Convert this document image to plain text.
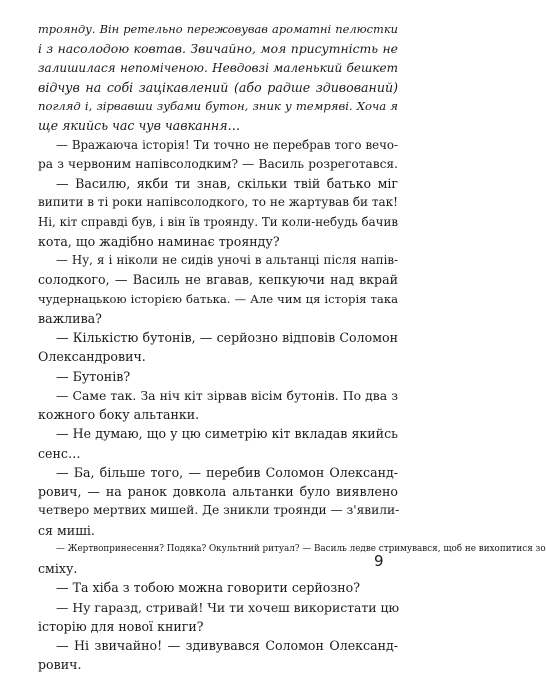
троянду. Він ретельно пережовував ароматні пелюстки
і з насолодою ковтав. Звичайно, моя присутність не
залишилася непоміченою. Невдовзі маленький бешкет
відчув на собі зацікавлений (або радше здивований)
погляд і, зірвавши зубами бутон, зник у темряві. Хоча я
ще якийсь час чув чавкання…
— Вражаюча історія! Ти точно не перебрав того вечо-
ра з червоним напівсолодким? — Василь розреготався.
— Василю, якби ти знав, скільки твій батько міг
випити в ті роки напівсолодкого, то не жартував би так!
Ні, кіт справді був, і він їв троянду. Ти коли-небудь бачив
кота, що жадібно наминає троянду?
— Ну, я і ніколи не сидів уночі в альтанці після напів-
солодкого, — Василь не вгавав, кепкуючи над вкрай
чудернацькою історією батька. — Але чим ця історія така
важлива?
— Кількістю бутонів, — серйозно відповів Соломон
Олександрович.
— Бутонів?
— Саме так. За ніч кіт зірвав вісім бутонів. По два з
кожного боку альтанки.
— Не думаю, що у цю симетрію кіт вкладав якийсь
сенс…
— Ба, більше того, — перебив Соломон Олександ-
рович, — на ранок довкола альтанки було виявлено
четверо мертвих мишей. Де зникли троянди — з'явили-
ся миші.
— Жертвопринесення? Подяка? Окультний ритуал? — Василь ледве стримувався, щоб не вихопитися зо
сміху.
— Та хіба з тобою можна говорити серйозно?
— Ну гаразд, стривай! Чи ти хочеш використати цю
історію для нової книги?
— Ні звичайно! — здивувався Соломон Олександ-
рович.
9
